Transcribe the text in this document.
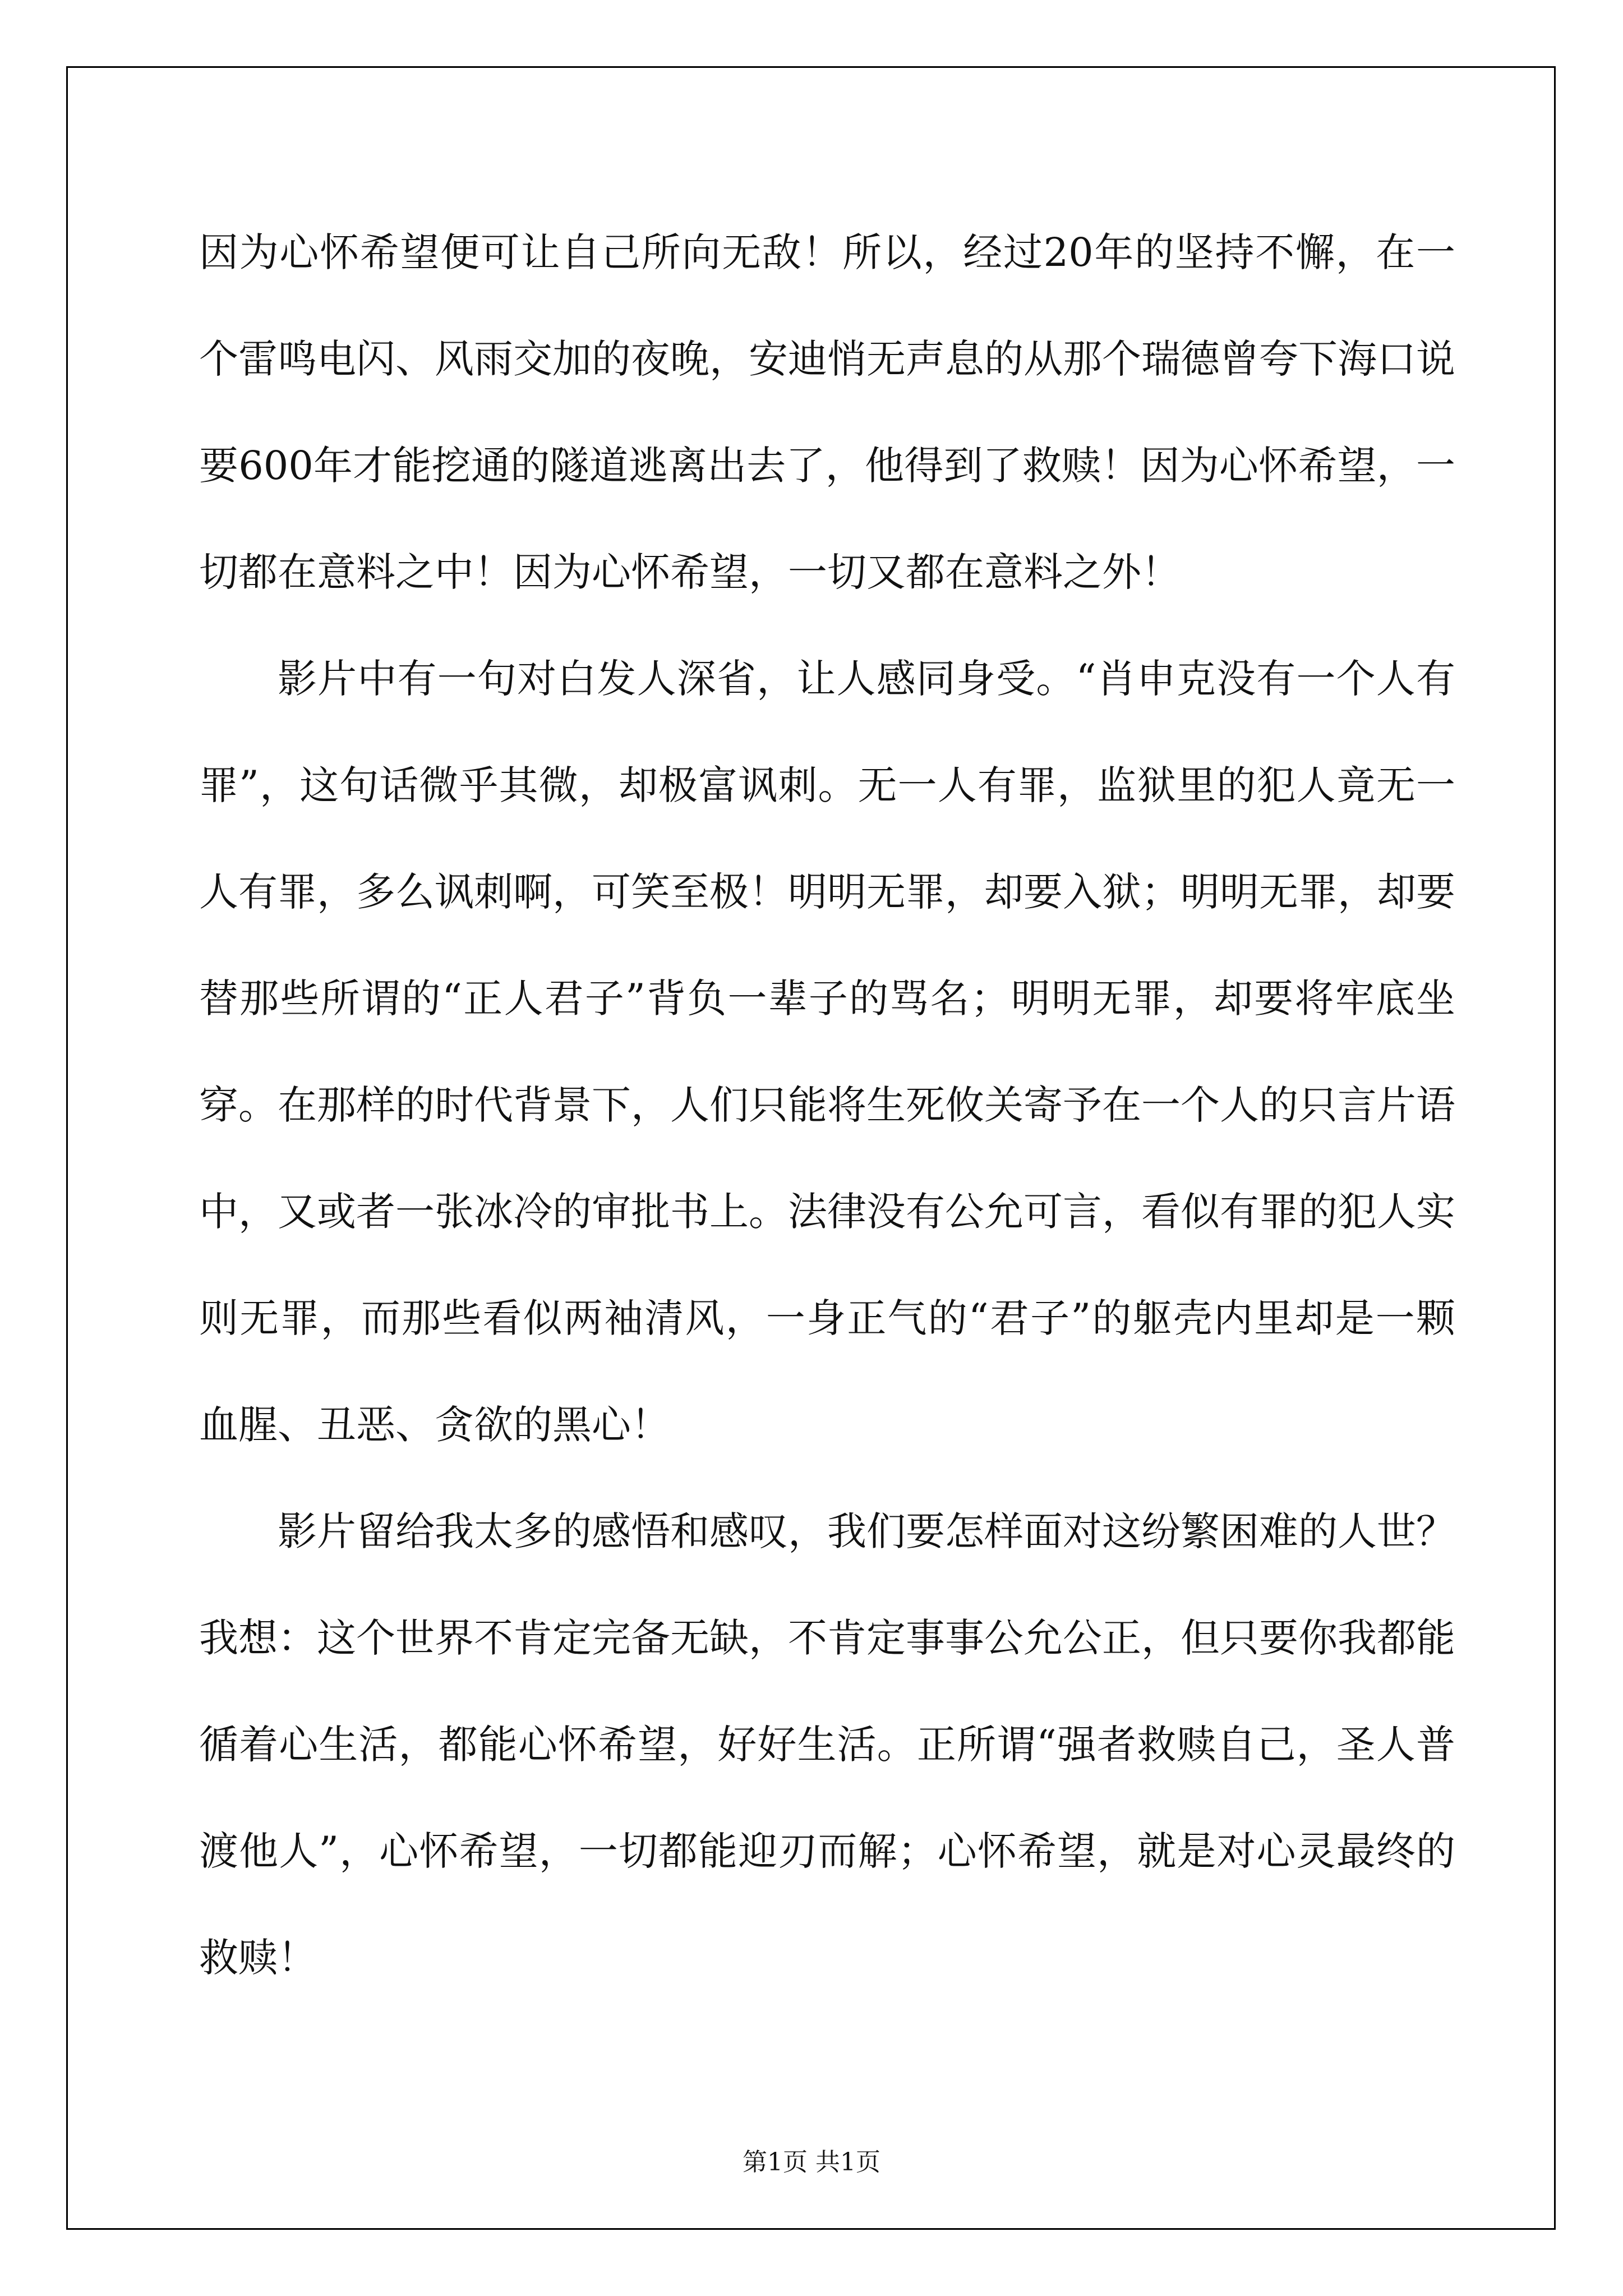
因为心怀希望便可让自己所向无敌！所以，经过20年的坚持不懈，在一个雷鸣电闪、风雨交加的夜晚，安迪悄无声息的从那个瑞德曾夸下海口说要600年才能挖通的隧道逃离出去了，他得到了救赎！因为心怀希望，一切都在意料之中！因为心怀希望，一切又都在意料之外！

影片中有一句对白发人深省，让人感同身受。“肖申克没有一个人有罪”，这句话微乎其微，却极富讽刺。无一人有罪，监狱里的犯人竟无一人有罪，多么讽刺啊，可笑至极！明明无罪，却要入狱；明明无罪，却要替那些所谓的“正人君子”背负一辈子的骂名；明明无罪，却要将牢底坐穿。在那样的时代背景下，人们只能将生死攸关寄予在一个人的只言片语中，又或者一张冰冷的审批书上。法律没有公允可言，看似有罪的犯人实则无罪，而那些看似两袖清风，一身正气的“君子”的躯壳内里却是一颗血腥、丑恶、贪欲的黑心！

影片留给我太多的感悟和感叹，我们要怎样面对这纷繁困难的人世？我想：这个世界不肯定完备无缺，不肯定事事公允公正，但只要你我都能循着心生活，都能心怀希望，好好生活。正所谓“强者救赎自己，圣人普渡他人”，心怀希望，一切都能迎刃而解；心怀希望，就是对心灵最终的救赎！

第1页 共1页
